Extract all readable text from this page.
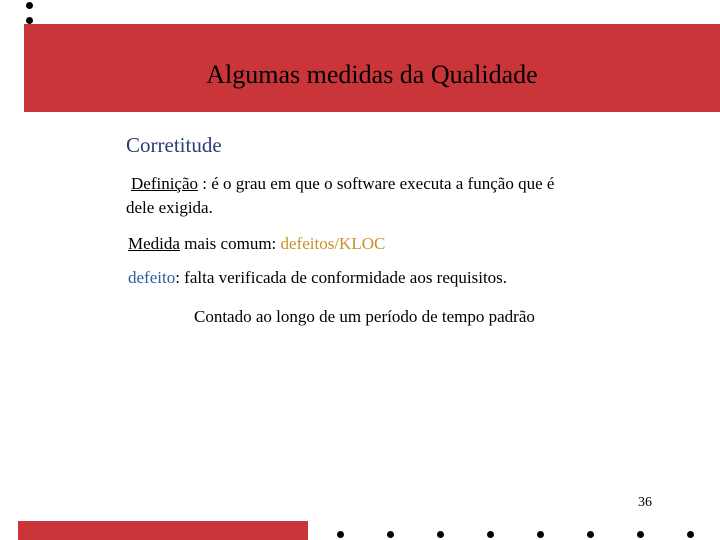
Algumas medidas da Qualidade
Corretitude
Definição : é o grau em que o software executa a função que é
dele exigida.
Medida mais comum: defeitos/KLOC
defeito: falta verificada de conformidade aos requisitos.
Contado ao longo de um período de tempo padrão
36
